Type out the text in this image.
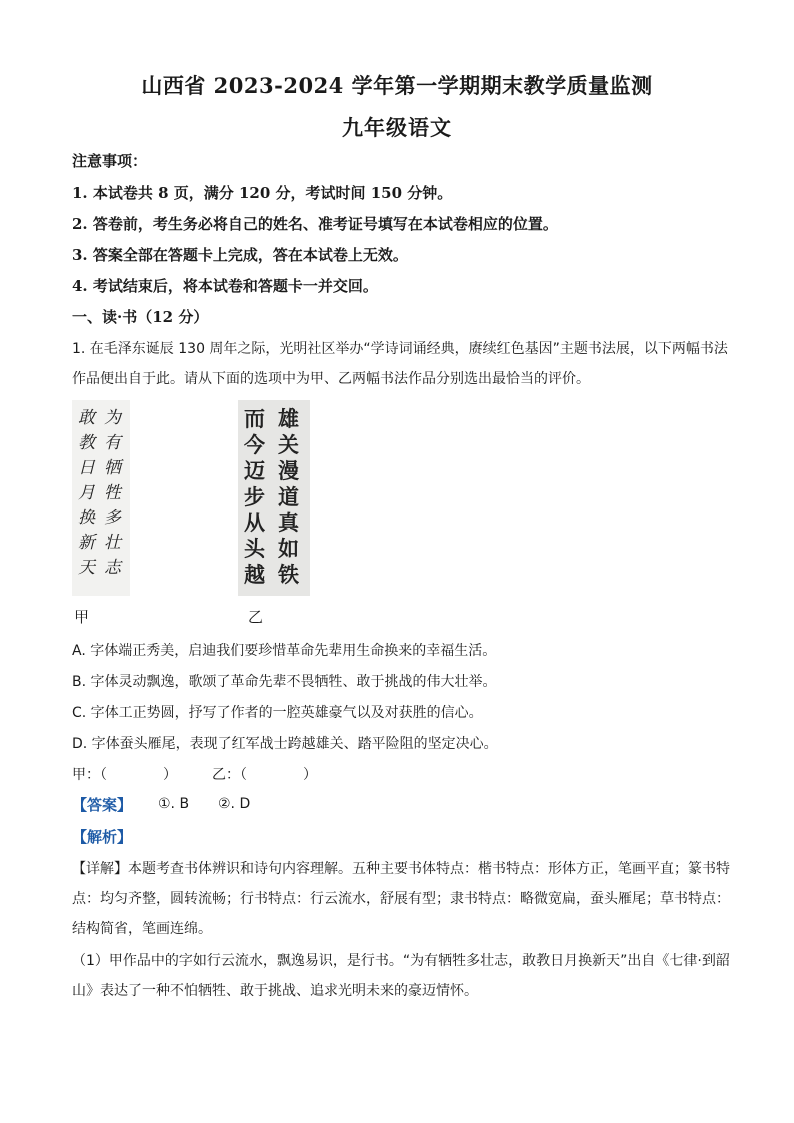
山西省 2023-2024 学年第一学期期末教学质量监测
九年级语文
注意事项：
1. 本试卷共 8 页，满分 120 分，考试时间 150 分钟。
2. 答卷前，考生务必将自己的姓名、准考证号填写在本试卷相应的位置。
3. 答案全部在答题卡上完成，答在本试卷上无效。
4. 考试结束后，将本试卷和答题卡一并交回。
一、读·书（12 分）
1. 在毛泽东诞辰 130 周年之际，光明社区举办“学诗词诵经典，赓续红色基因”主题书法展，以下两幅书法作品便出自于此。请从下面的选项中为甲、乙两幅书法作品分别选出最恰当的评价。
敢
教
日
月
换
新
天
为
有
牺
牲
多
壮
志
而
今
迈
步
从
头
越
雄
关
漫
道
真
如
铁
甲	乙
A. 字体端正秀美，启迪我们要珍惜革命先辈用生命换来的幸福生活。
B. 字体灵动飘逸，歌颂了革命先辈不畏牺牲、敢于挑战的伟大壮举。
C. 字体工正势圆，抒写了作者的一腔英雄豪气以及对获胜的信心。
D. 字体蚕头雁尾，表现了红军战士跨越雄关、踏平险阻的坚定决心。
甲：（　　　　）　　　乙：（　　　　）
【答案】 ①. B ②. D
【解析】
【详解】本题考查书体辨识和诗句内容理解。五种主要书体特点：楷书特点：形体方正，笔画平直；篆书特点：均匀齐整，圆转流畅；行书特点：行云流水，舒展有型；隶书特点：略微宽扁，蚕头雁尾；草书特点：结构简省，笔画连绵。
（1）甲作品中的字如行云流水，飘逸易识，是行书。“为有牺牲多壮志，敢教日月换新天”出自《七律·到韶山》表达了一种不怕牺牲、敢于挑战、追求光明未来的豪迈情怀。
